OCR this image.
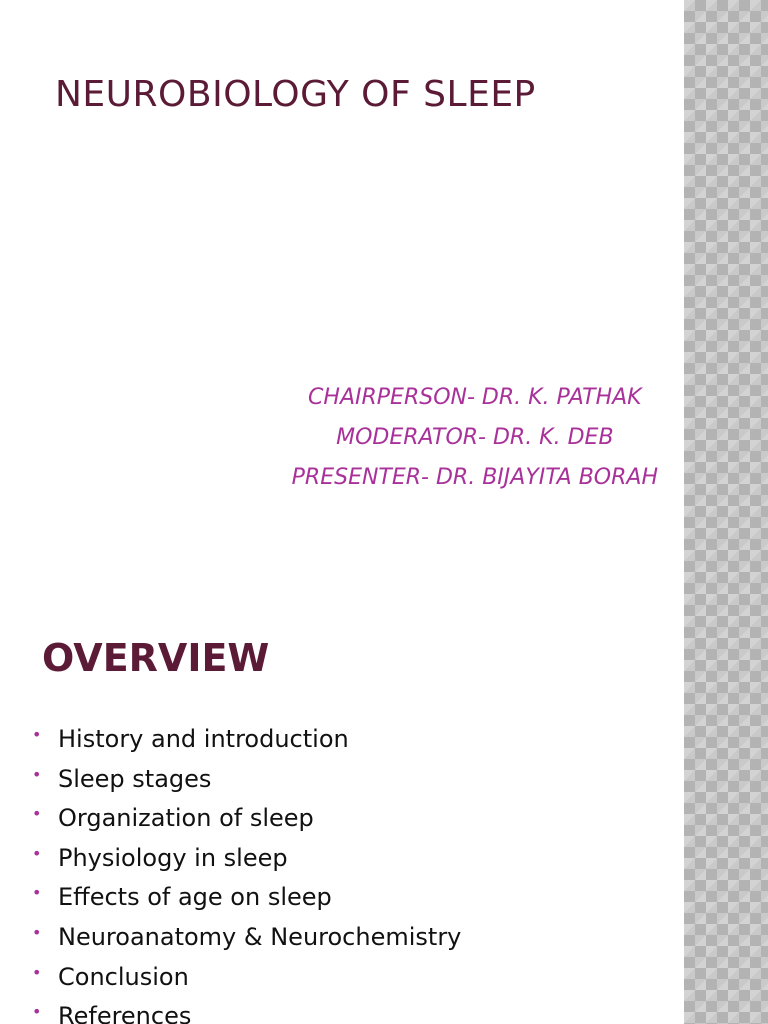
NEUROBIOLOGY OF SLEEP
CHAIRPERSON- DR. K. PATHAK
MODERATOR- DR. K. DEB
PRESENTER- DR. BIJAYITA BORAH
OVERVIEW
• History and introduction
• Sleep stages
• Organization of sleep
• Physiology in sleep
• Effects of age on sleep
• Neuroanatomy & Neurochemistry
• Conclusion
• References
